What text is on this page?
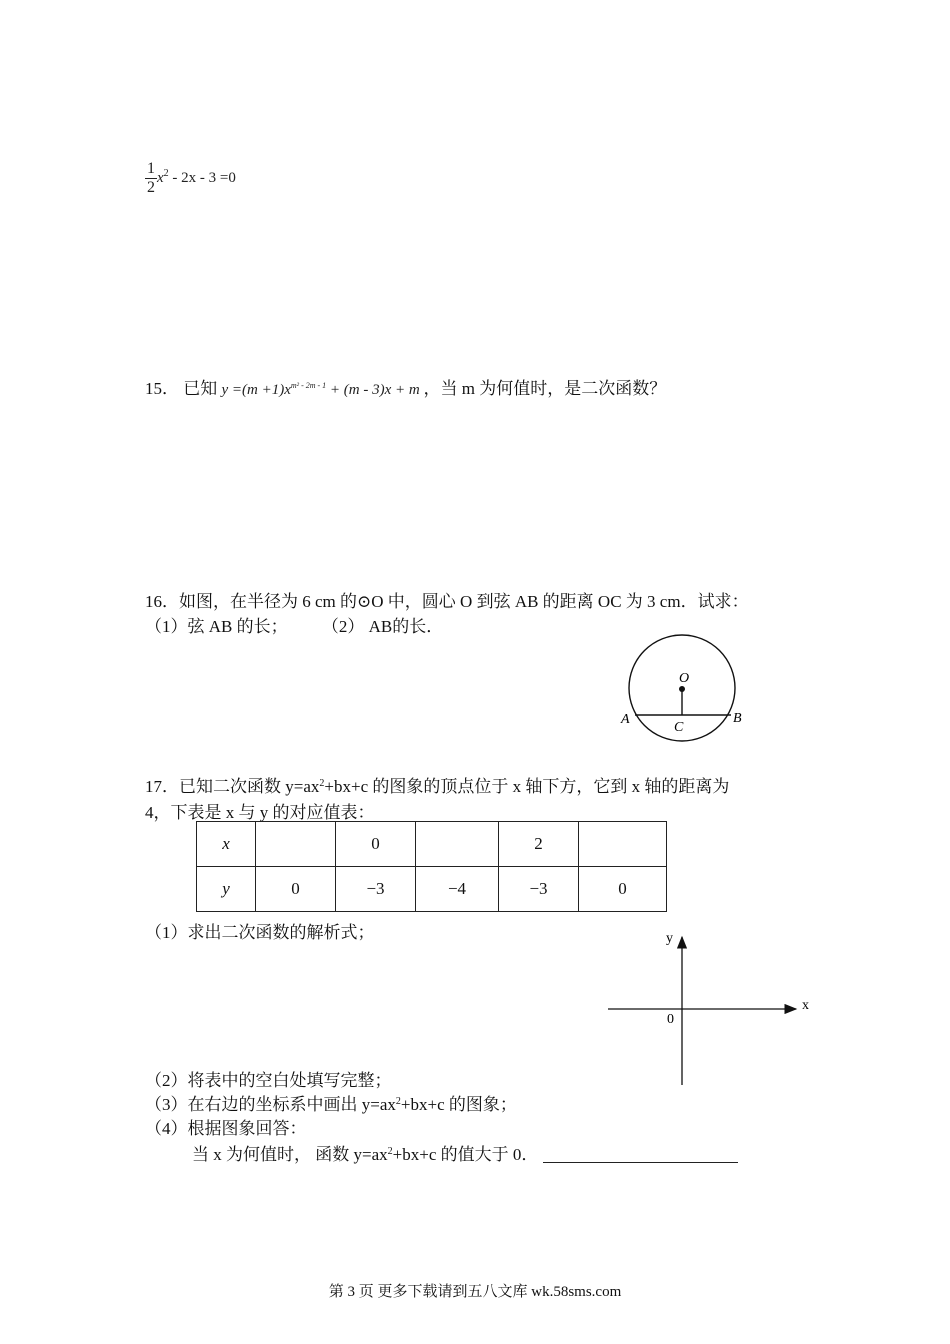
$\frac{1}{2} x^2 - 2x - 3 =0$
15． 已知 $y =(m +1)x^{m^2 - 2m - 1} + (m - 3)x + m$ ，当 m 为何值时，是二次函数？
16．如图，在半径为 6 cm 的⊙O 中，圆心 O 到弦 AB 的距离 OC 为 3 cm．试求：
（1）弦 AB 的长； （2） AB的长．
O
A	B
C
17．已知二次函数 $y=ax^2+bx+c$ 的图象的顶点位于 x 轴下方，它到 x 轴的距离为
4，下表是 x 与 y 的对应值表：
x		0		2	
y	0	−3	−4	−3	0
（1）求出二次函数的解析式；
x
y
0
（2）将表中的空白处填写完整；
（3）在右边的坐标系中画出 $y=ax^2+bx+c$ 的图象；
（4）根据图象回答：
当 x 为何值时， 函数 $y=ax^2+bx+c$ 的值大于 0．
第 3 页 更多下载请到五八文库 wk.58sms.com
